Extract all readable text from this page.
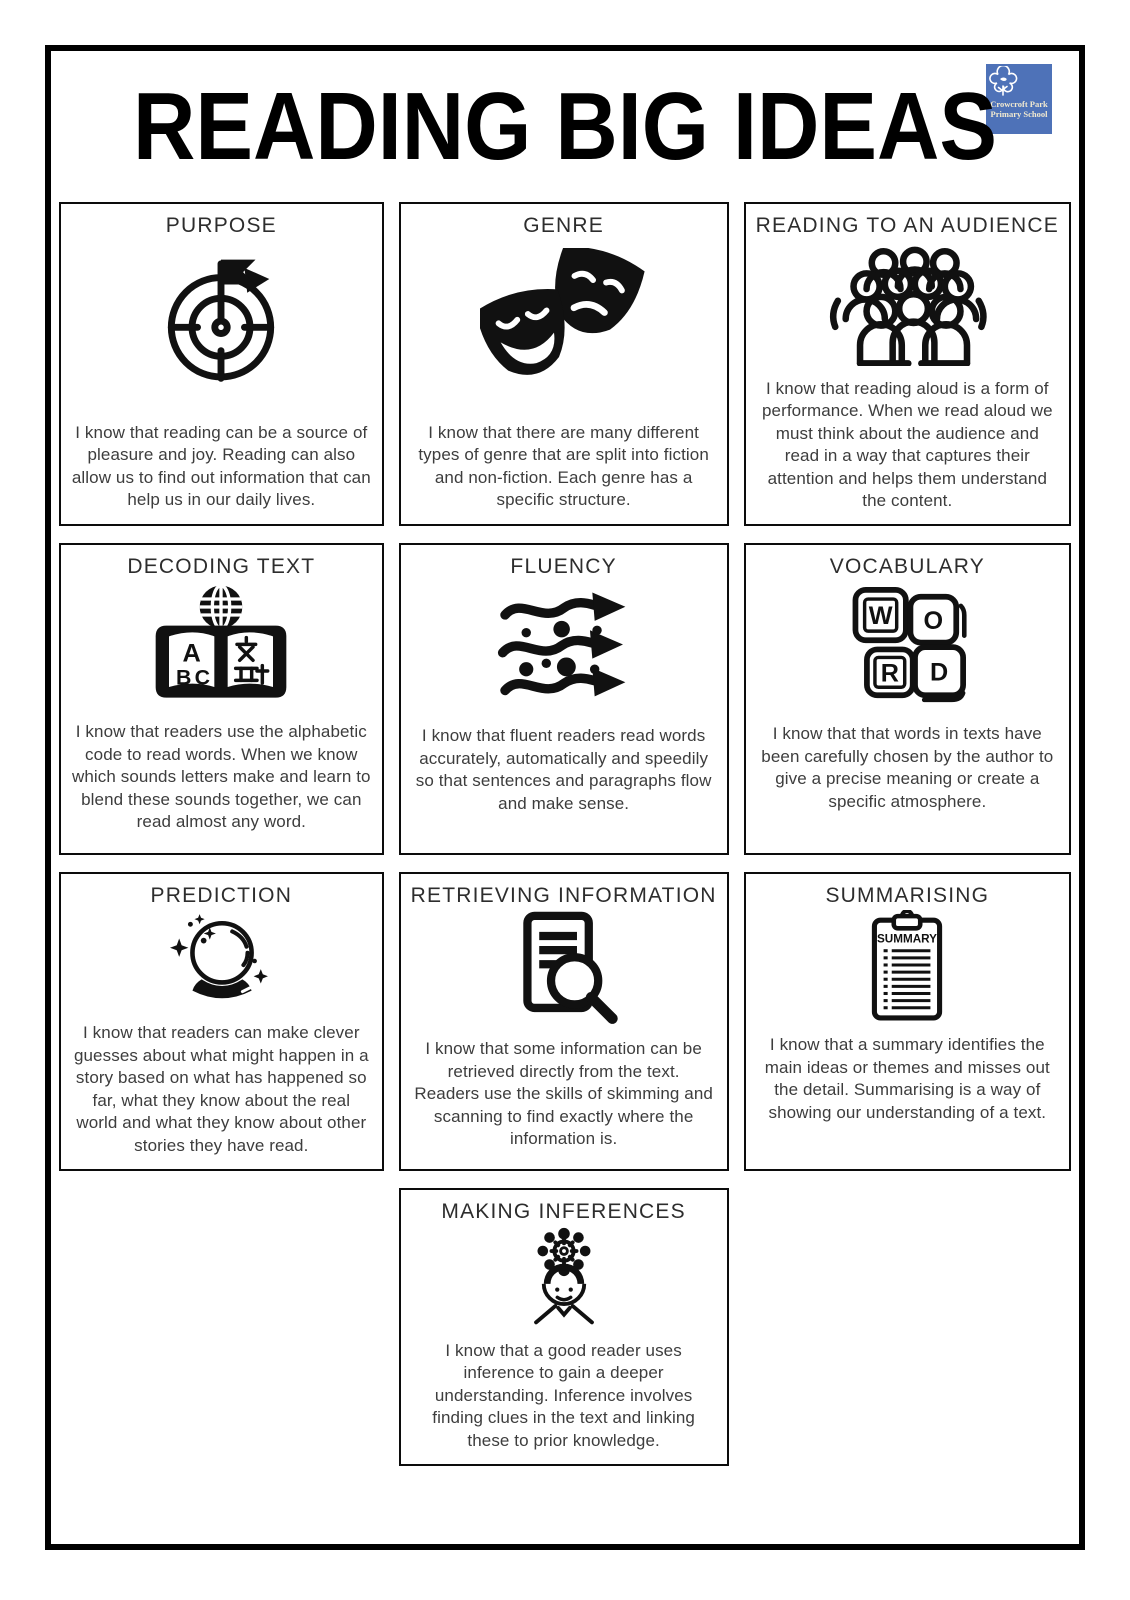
Crowcroft Park
Primary School
READING BIG IDEAS
PURPOSE

I know that reading can be a source of pleasure and joy. Reading can also allow us to find out information that can help us in our daily lives.

GENRE

I know that there are many different types of genre that are split into fiction and non-fiction. Each genre has a specific structure.

READING TO AN AUDIENCE

I know that reading aloud is a form of performance. When we read aloud we must think about the audience and read in a way that captures their attention and helps them understand the content.

DECODING TEXT
A
B C

I know that readers use the alphabetic code to read words. When we know which sounds letters make and learn to blend these sounds together, we can read almost any word.

FLUENCY

I know that fluent readers read words accurately, automatically and speedily so that sentences and paragraphs flow and make sense.

VOCABULARY
W O
R D

I know that that words in texts have been carefully chosen by the author to give a precise meaning or create a specific atmosphere.

PREDICTION

I know that readers can make clever guesses about what might happen in a story based on what has happened so far, what they know about the real world and what they know about other stories they have read.

RETRIEVING INFORMATION

I know that some information can be retrieved directly from the text. Readers use the skills of skimming and scanning to find exactly where the information is.

SUMMARISING
SUMMARY

I know that a summary identifies the main ideas or themes and misses out the detail. Summarising is a way of showing our understanding of a text.

MAKING INFERENCES

I know that a good reader uses inference to gain a deeper understanding. Inference involves finding clues in the text and linking these to prior knowledge.
